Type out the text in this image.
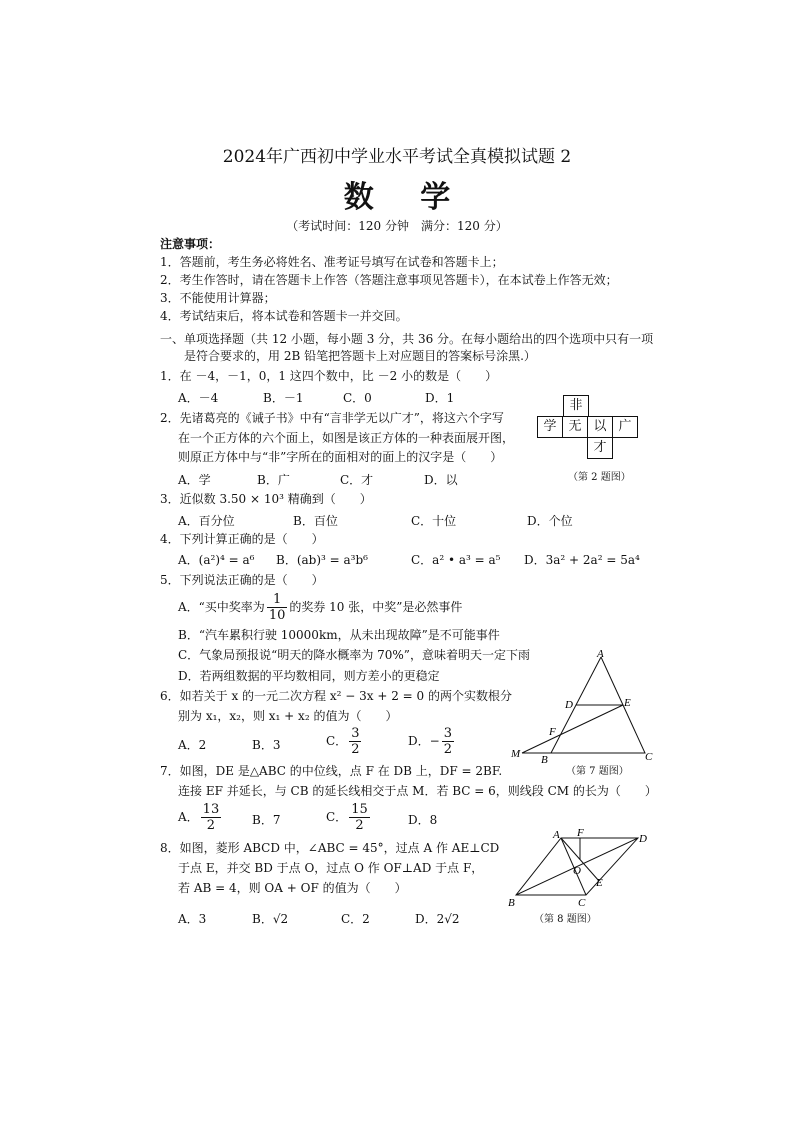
2024年广西初中学业水平考试全真模拟试题 2
数 学
（考试时间：120 分钟　满分：120 分）
注意事项：
1．答题前，考生务必将姓名、准考证号填写在试卷和答题卡上；
2．考生作答时，请在答题卡上作答（答题注意事项见答题卡），在本试卷上作答无效；
3．不能使用计算器；
4．考试结束后，将本试卷和答题卡一并交回。
一、单项选择题（共 12 小题，每小题 3 分，共 36 分。在每小题给出的四个选项中只有一项
是符合要求的，用 2B 铅笔把答题卡上对应题目的答案标号涂黑.）
1．在 －4，－1，0，1 这四个数中，比 －2 小的数是（　　）
A．－4	B．－1	C．0	D．1
2．先诸葛亮的《诫子书》中有“言非学无以广才”，将这六个字写
在一个正方体的六个面上，如图是该正方体的一种表面展开图，
则原正方体中与“非”字所在的面相对的面上的汉字是（　　）
A．学	B．广	C．才	D．以
非
学 无 以 广
才
（第 2 题图）
3．近似数 3.50 × 10³ 精确到（　　）
A．百分位	B．百位	C．十位	D．个位
4．下列计算正确的是（　　）
A．(a²)⁴ = a⁶ B．(ab)³ = a³b⁶	C．a² • a³ = a⁵ D．3a² + 2a² = 5a⁴
5．下列说法正确的是（　　）
A．“买中奖率为 $\frac{1}{10}$ 的奖券 10 张，中奖”是必然事件
B．“汽车累积行驶 10000km，从未出现故障”是不可能事件
C．气象局预报说“明天的降水概率为 70%”，意味着明天一定下雨
D．若两组数据的平均数相同，则方差小的更稳定
6．如若关于 x 的一元二次方程 x² − 3x + 2 = 0 的两个实数根分
别为 x₁，x₂，则 x₁ + x₂ 的值为（　　）
A．2	B．3	C． $\frac{3}{2}$	D．− $\frac{3}{2}$
A
D	E
F
M B	C
（第 7 题图）
7．如图，DE 是△ABC 的中位线，点 F 在 DB 上，DF = 2BF.
连接 EF 并延长，与 CB 的延长线相交于点 M．若 BC = 6，则线段 CM 的长为（　　）
A． $\frac{13}{2}$	B．7	C． $\frac{15}{2}$	D．8
8．如图，菱形 ABCD 中，∠ABC = 45°，过点 A 作 AE⊥CD
于点 E，并交 BD 于点 O，过点 O 作 OF⊥AD 于点 F，
若 AB = 4，则 OA + OF 的值为（　　）
A．3	B．√2	C．2	D．2√2
A F	D
O
E
B	C
（第 8 题图）
